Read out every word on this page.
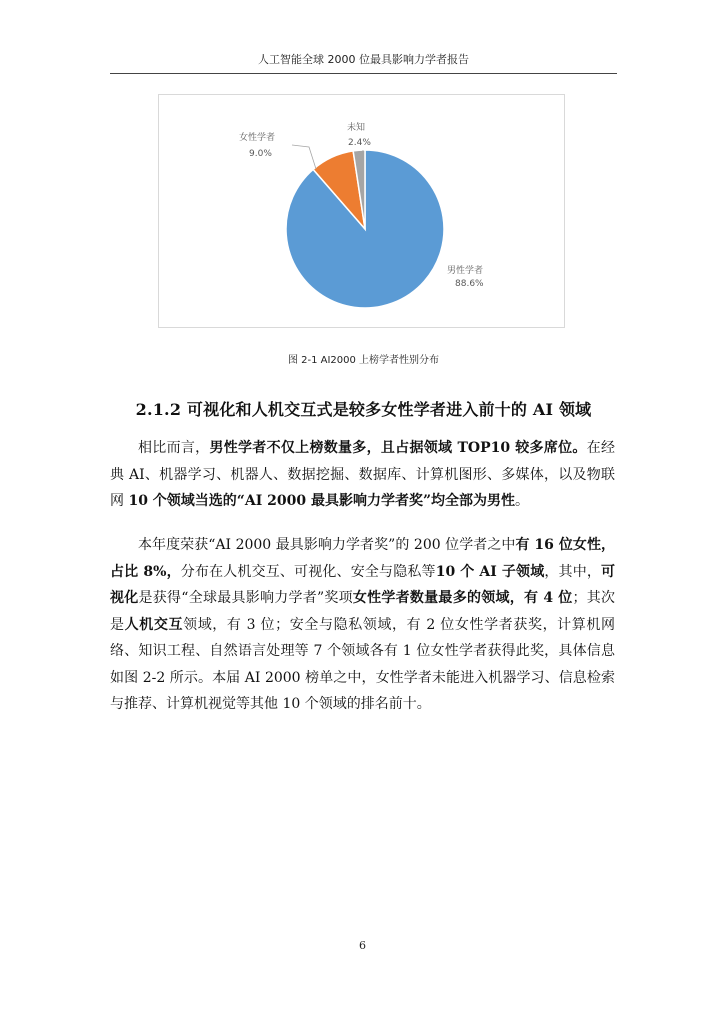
人工智能全球 2000 位最具影响力学者报告
男性学者
88.6%
女性学者
9.0%
未知
2.4%
图 2-1 AI2000 上榜学者性别分布
2.1.2 可视化和人机交互式是较多女性学者进入前十的 AI 领域
相比而言，男性学者不仅上榜数量多，且占据领域 TOP10 较多席位。在经典 AI、机器学习、机器人、数据挖掘、数据库、计算机图形、多媒体，以及物联网 10 个领域当选的“AI 2000 最具影响力学者奖”均全部为男性。
本年度荣获“AI 2000 最具影响力学者奖”的 200 位学者之中有 16 位女性，占比 8%，分布在人机交互、可视化、安全与隐私等10 个 AI 子领域，其中，可视化是获得“全球最具影响力学者”奖项女性学者数量最多的领域，有 4 位；其次是人机交互领域，有 3 位；安全与隐私领域，有 2 位女性学者获奖，计算机网络、知识工程、自然语言处理等 7 个领域各有 1 位女性学者获得此奖，具体信息如图 2-2 所示。本届 AI 2000 榜单之中，女性学者未能进入机器学习、信息检索与推荐、计算机视觉等其他 10 个领域的排名前十。
6
